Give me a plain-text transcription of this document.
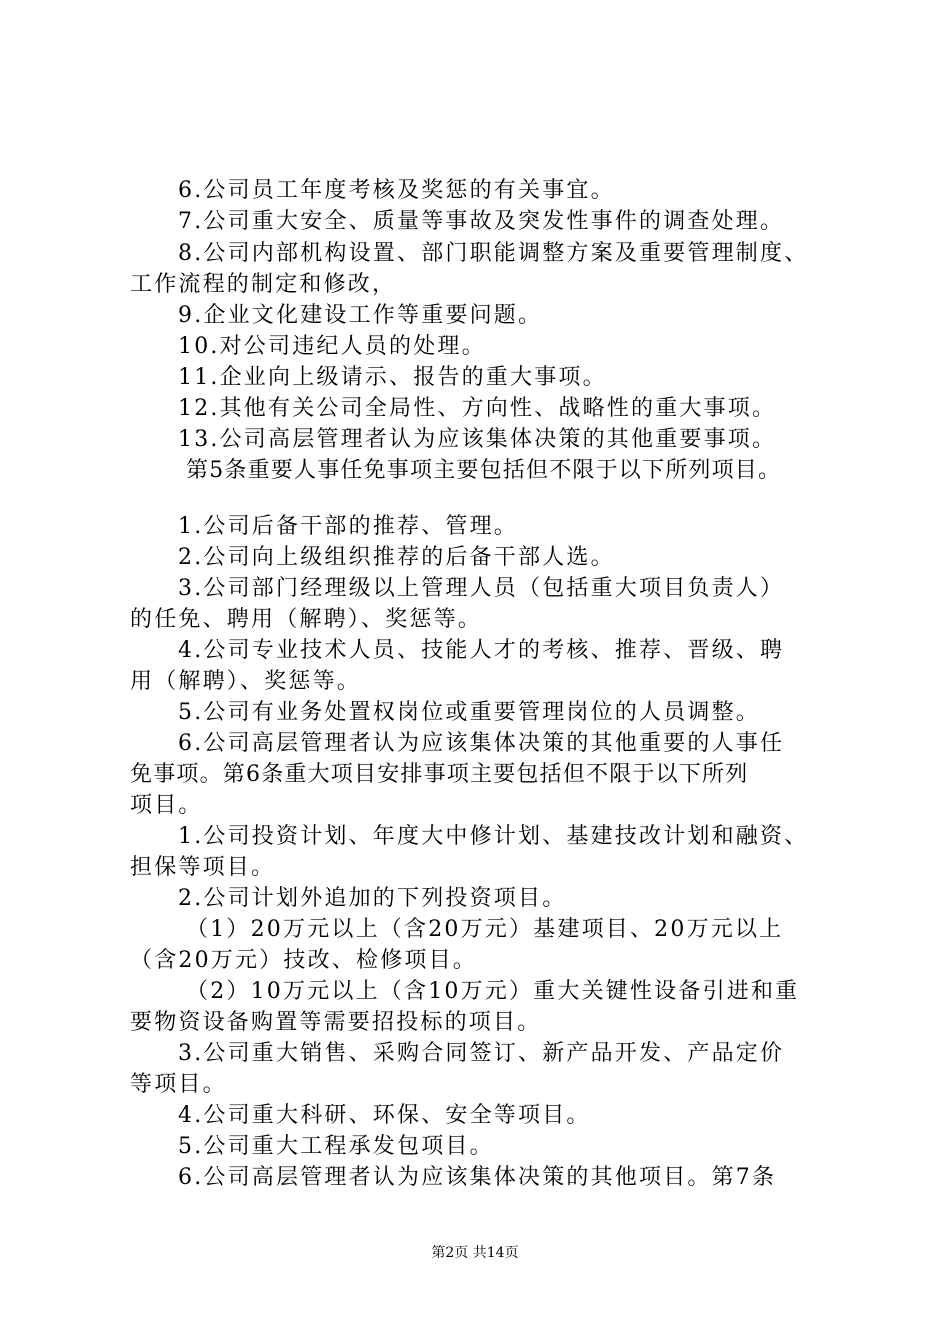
6.公司员工年度考核及奖惩的有关事宜。
7.公司重大安全、质量等事故及突发性事件的调查处理。
8.公司内部机构设置、部门职能调整方案及重要管理制度、
工作流程的制定和修改，
9.企业文化建设工作等重要问题。
10.对公司违纪人员的处理。
11.企业向上级请示、报告的重大事项。
12.其他有关公司全局性、方向性、战略性的重大事项。
13.公司高层管理者认为应该集体决策的其他重要事项。
第5条重要人事任免事项主要包括但不限于以下所列项目。
1.公司后备干部的推荐、管理。
2.公司向上级组织推荐的后备干部人选。
3.公司部门经理级以上管理人员（包括重大项目负责人）
的任免、聘用（解聘）、奖惩等。
4.公司专业技术人员、技能人才的考核、推荐、晋级、聘
用（解聘）、奖惩等。
5.公司有业务处置权岗位或重要管理岗位的人员调整。
6.公司高层管理者认为应该集体决策的其他重要的人事任
免事项。第6条重大项目安排事项主要包括但不限于以下所列
项目。
1.公司投资计划、年度大中修计划、基建技改计划和融资、
担保等项目。
2.公司计划外追加的下列投资项目。
（1）20万元以上（含20万元）基建项目、20万元以上
（含20万元）技改、检修项目。
（2）10万元以上（含10万元）重大关键性设备引进和重
要物资设备购置等需要招投标的项目。
3.公司重大销售、采购合同签订、新产品开发、产品定价
等项目。
4.公司重大科研、环保、安全等项目。
5.公司重大工程承发包项目。
6.公司高层管理者认为应该集体决策的其他项目。第7条
第2页 共14页
